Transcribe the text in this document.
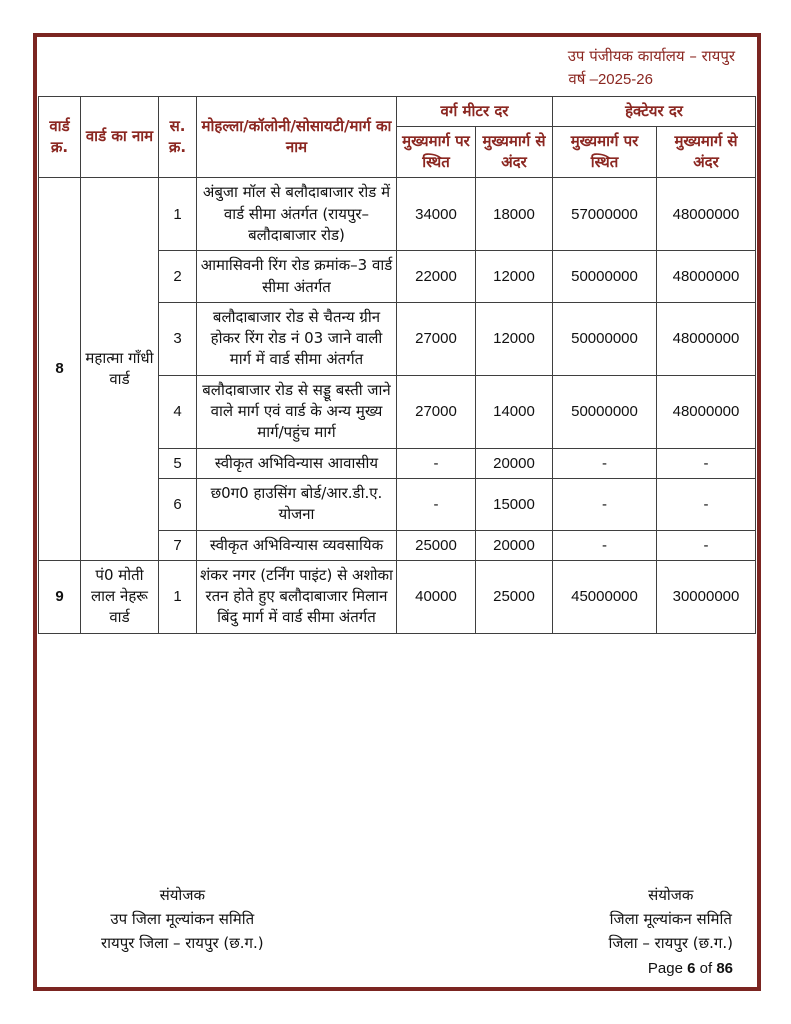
उप पंजीयक कार्यालय – रायपुर
वर्ष –2025-26
वार्ड क्र.	वार्ड का नाम	स.क्र.	मोहल्ला/कॉलोनी/सोसायटी/मार्ग का नाम	वर्ग मीटर दर		हेक्टेयर दर	
				मुख्यमार्ग पर स्थित	मुख्यमार्ग से अंदर	मुख्यमार्ग पर स्थित	मुख्यमार्ग से अंदर
8	महात्मा गाँधी वार्ड	1	अंबुजा मॉल से बलौदाबाजार रोड में वार्ड सीमा अंतर्गत (रायपुर–बलौदाबाजार रोड)	34000	18000	57000000	48000000
		2	आमासिवनी रिंग रोड क्रमांक–3 वार्ड सीमा अंतर्गत	22000	12000	50000000	48000000
		3	बलौदाबाजार रोड से चैतन्य ग्रीन होकर रिंग रोड नं 03 जाने वाली मार्ग में वार्ड सीमा अंतर्गत	27000	12000	50000000	48000000
		4	बलौदाबाजार रोड से सड्डू बस्ती जाने वाले मार्ग एवं वार्ड के अन्य मुख्य मार्ग/पहुंच मार्ग	27000	14000	50000000	48000000
		5	स्वीकृत अभिविन्यास आवासीय	-	20000	-	-
		6	छ0ग0 हाउसिंग बोर्ड/आर.डी.ए. योजना	-	15000	-	-
		7	स्वीकृत अभिविन्यास व्यवसायिक	25000	20000	-	-
9	पं0 मोती लाल नेहरू वार्ड	1	शंकर नगर (टर्निंग पाइंट) से अशोका रतन होते हुए बलौदाबाजार मिलान बिंदु मार्ग में वार्ड सीमा अंतर्गत	40000	25000	45000000	30000000
संयोजक
उप जिला मूल्यांकन समिति
रायपुर जिला – रायपुर (छ.ग.)
संयोजक
जिला मूल्यांकन समिति
जिला – रायपुर (छ.ग.)
Page 6 of 86
